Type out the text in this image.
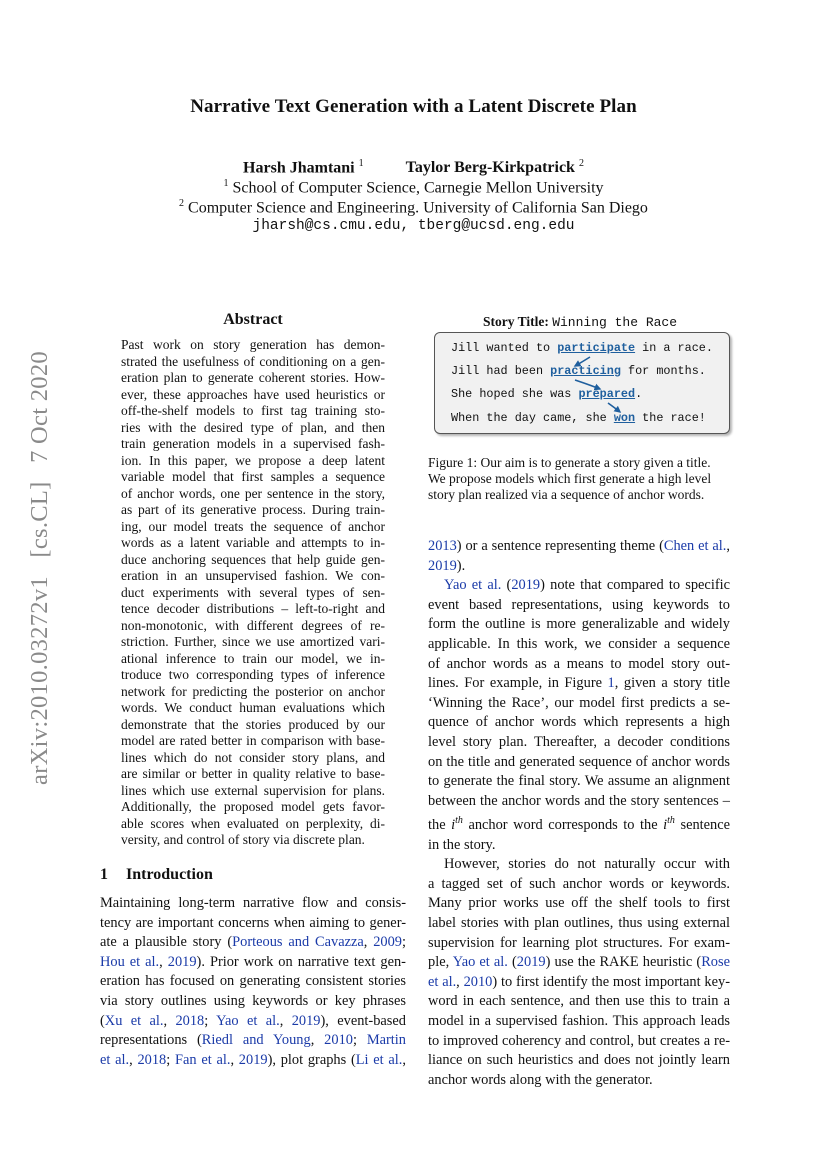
arXiv:2010.03272v1 [cs.CL] 7 Oct 2020
Narrative Text Generation with a Latent Discrete Plan
Harsh Jhamtani $^1$	Taylor Berg-Kirkpatrick $^2$
$^1$ School of Computer Science, Carnegie Mellon University
$^2$ Computer Science and Engineering. University of California San Diego
jharsh@cs.cmu.edu, tberg@ucsd.eng.edu
Abstract
Past work on story generation has demon-
strated the usefulness of conditioning on a gen-
eration plan to generate coherent stories. How-
ever, these approaches have used heuristics or
off-the-shelf models to first tag training sto-
ries with the desired type of plan, and then
train generation models in a supervised fash-
ion. In this paper, we propose a deep latent
variable model that first samples a sequence
of anchor words, one per sentence in the story,
as part of its generative process. During train-
ing, our model treats the sequence of anchor
words as a latent variable and attempts to in-
duce anchoring sequences that help guide gen-
eration in an unsupervised fashion. We con-
duct experiments with several types of sen-
tence decoder distributions – left-to-right and
non-monotonic, with different degrees of re-
striction. Further, since we use amortized vari-
ational inference to train our model, we in-
troduce two corresponding types of inference
network for predicting the posterior on anchor
words. We conduct human evaluations which
demonstrate that the stories produced by our
model are rated better in comparison with base-
lines which do not consider story plans, and
are similar or better in quality relative to base-
lines which use external supervision for plans.
Additionally, the proposed model gets favor-
able scores when evaluated on perplexity, di-
versity, and control of story via discrete plan.
1 Introduction
Maintaining long-term narrative flow and consis-
tency are important concerns when aiming to gener-
ate a plausible story (Porteous and Cavazza, 2009;
Hou et al., 2019). Prior work on narrative text gen-
eration has focused on generating consistent stories
via story outlines using keywords or key phrases
(Xu et al., 2018; Yao et al., 2019), event-based
representations (Riedl and Young, 2010; Martin
et al., 2018; Fan et al., 2019), plot graphs (Li et al.,
Story Title: Winning the Race
Jill wanted to participate in a race.
Jill had been practicing for months.
She hoped she was prepared.
When the day came, she won the race!
Figure 1: Our aim is to generate a story given a title. We propose models which first generate a high level story plan realized via a sequence of anchor words.
2013) or a sentence representing theme (Chen et al.,
2019).
Yao et al. (2019) note that compared to specific
event based representations, using keywords to
form the outline is more generalizable and widely
applicable. In this work, we consider a sequence
of anchor words as a means to model story out-
lines. For example, in Figure 1, given a story title
‘Winning the Race’, our model first predicts a se-
quence of anchor words which represents a high
level story plan. Thereafter, a decoder conditions
on the title and generated sequence of anchor words
to generate the final story. We assume an alignment
between the anchor words and the story sentences –
the $i^{th}$ anchor word corresponds to the $i^{th}$ sentence
in the story.
However, stories do not naturally occur with
a tagged set of such anchor words or keywords.
Many prior works use off the shelf tools to first
label stories with plan outlines, thus using external
supervision for learning plot structures. For exam-
ple, Yao et al. (2019) use the RAKE heuristic (Rose
et al., 2010) to first identify the most important key-
word in each sentence, and then use this to train a
model in a supervised fashion. This approach leads
to improved coherency and control, but creates a re-
liance on such heuristics and does not jointly learn
anchor words along with the generator.
